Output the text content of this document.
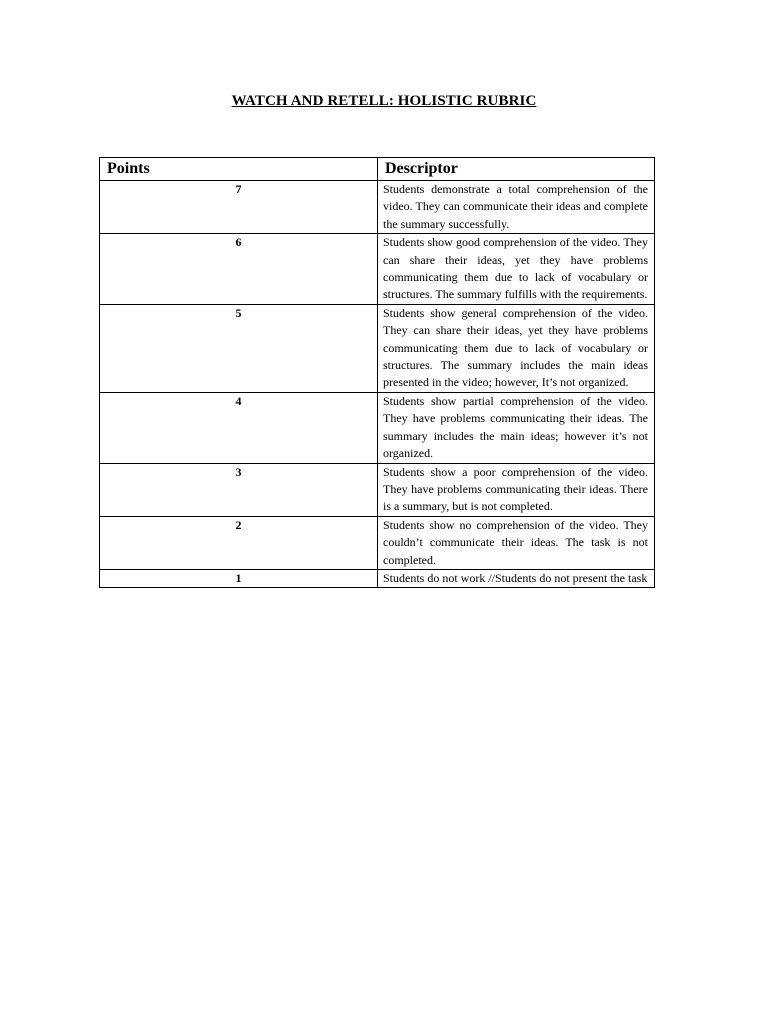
WATCH AND RETELL: HOLISTIC RUBRIC
Points	Descriptor
7	Students demonstrate a total comprehension of the video. They can communicate their ideas and complete the summary successfully.
6	Students show good comprehension of the video. They can share their ideas, yet they have problems communicating them due to lack of vocabulary or structures. The summary fulfills with the requirements.
5	Students show general comprehension of the video. They can share their ideas, yet they have problems communicating them due to lack of vocabulary or structures. The summary includes the main ideas presented in the video; however, It’s not organized.
4	Students show partial comprehension of the video. They have problems communicating their ideas. The summary includes the main ideas; however it’s not organized.
3	Students show a poor comprehension of the video. They have problems communicating their ideas. There is a summary, but is not completed.
2	Students show no comprehension of the video. They couldn’t communicate their ideas. The task is not completed.
1	Students do not work //Students do not present the task
